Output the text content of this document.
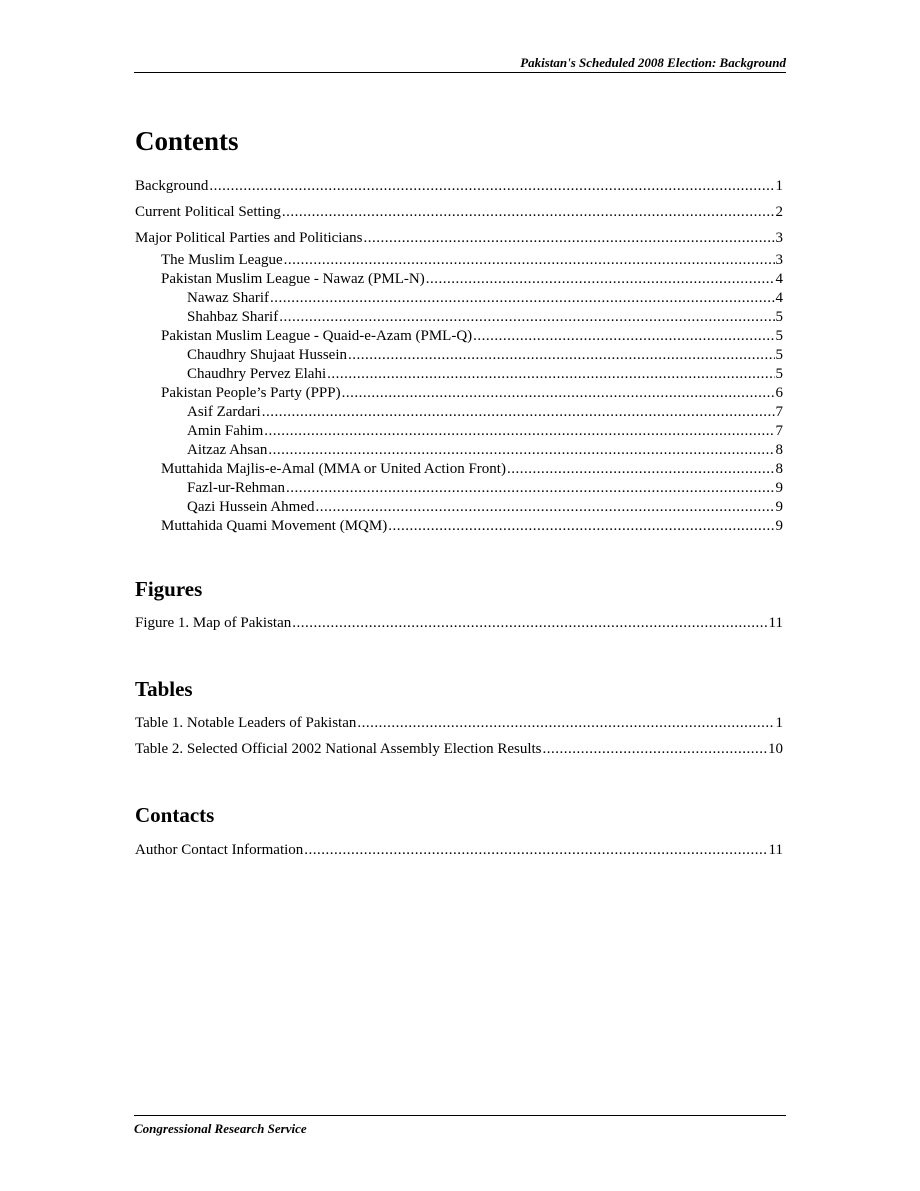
Pakistan's Scheduled 2008 Election: Background
Contents
Background .....	1
Current Political Setting .....	2
Major Political Parties and Politicians .....	3
The Muslim League .....	3
Pakistan Muslim League - Nawaz (PML-N) .....	4
Nawaz Sharif .....	4
Shahbaz Sharif .....	5
Pakistan Muslim League - Quaid-e-Azam (PML-Q) .....	5
Chaudhry Shujaat Hussein .....	5
Chaudhry Pervez Elahi .....	5
Pakistan People’s Party (PPP) .....	6
Asif Zardari .....	7
Amin Fahim .....	7
Aitzaz Ahsan .....	8
Muttahida Majlis-e-Amal (MMA or United Action Front) .....	8
Fazl-ur-Rehman .....	9
Qazi Hussein Ahmed .....	9
Muttahida Quami Movement (MQM) .....	9
Figures
Figure 1. Map of Pakistan .....	11
Tables
Table 1. Notable Leaders of Pakistan .....	1
Table 2. Selected Official 2002 National Assembly Election Results .....	10
Contacts
Author Contact Information .....	11
Congressional Research Service
